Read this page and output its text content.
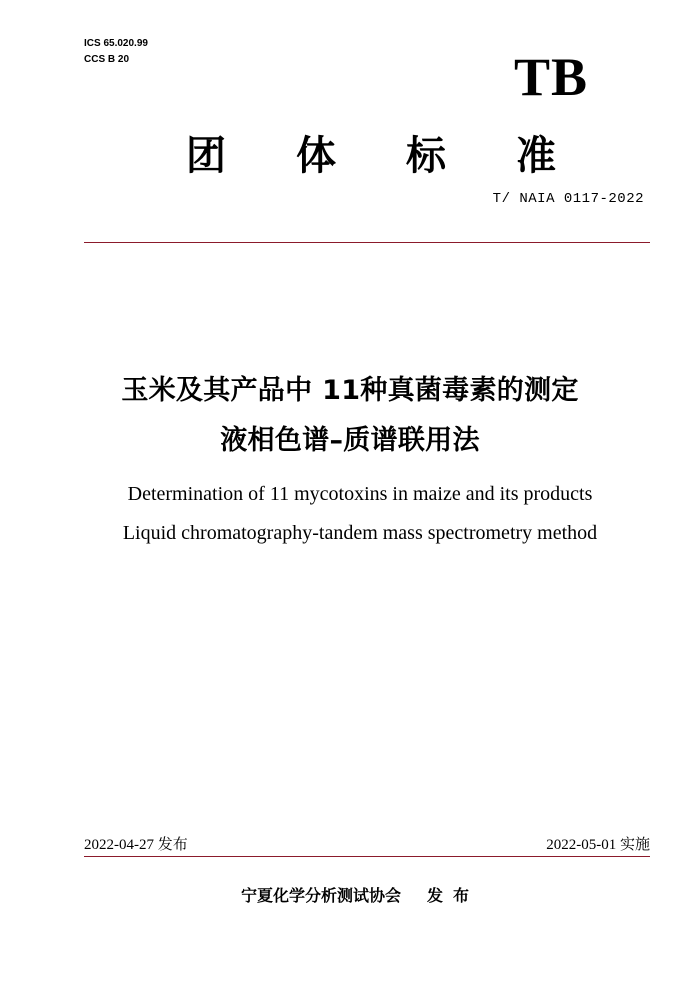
ICS 65.020.99
CCS B 20	TB
团 体 标 准
T/ NAIA 0117-2022
玉米及其产品中 11种真菌毒素的测定
液相色谱–质谱联用法
Determination of 11 mycotoxins in maize and its products
Liquid chromatography-tandem mass spectrometry method
2022-04-27 发布	2022-05-01 实施
宁夏化学分析测试协会 发布
